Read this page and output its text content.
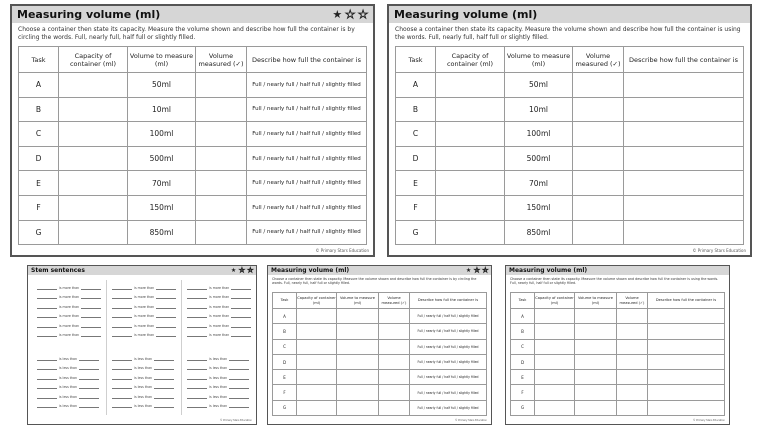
Measuring volume (ml)	★ ★ ★
Choose a container then state its capacity. Measure the volume shown and describe how full the container is by circling the words. Full, nearly full, half full or slightly filled.
Task	Capacity of container (ml)	Volume to measure (ml)	Volume measured (✓)	Describe how full the container is
A		50ml		Full / nearly full / half full / slightly filled
B		10ml		Full / nearly full / half full / slightly filled
C		100ml		Full / nearly full / half full / slightly filled
D		500ml		Full / nearly full / half full / slightly filled
E		70ml		Full / nearly full / half full / slightly filled
F		150ml		Full / nearly full / half full / slightly filled
G		850ml		Full / nearly full / half full / slightly filled
© Primary Stars Education
Measuring volume (ml)
Choose a container then state its capacity. Measure the volume shown and describe how full the container is using the words. Full, nearly full, half full or slightly filled.
Task	Capacity of container (ml)	Volume to measure (ml)	Volume measured (✓)	Describe how full the container is
A		50ml		
B		10ml		
C		100ml		
D		500ml		
E		70ml		
F		150ml		
G		850ml		
© Primary Stars Education
Stem sentences	★ ★ ★
is more than
is more than
is more than
is more than
is more than
is more than
is less than
is less than
is less than
is less than
is less than
is less than
is more than
is more than
is more than
is more than
is more than
is more than
is less than
is less than
is less than
is less than
is less than
is less than
is more than
is more than
is more than
is more than
is more than
is more than
is less than
is less than
is less than
is less than
is less than
is less than
© Primary Stars Education
Measuring volume (ml)	★ ★ ★
Choose a container then state its capacity. Measure the volume shown and describe how full the container is by circling the words. Full, nearly full, half full or slightly filled.
Task	Capacity of container (ml)	Volume to measure (ml)	Volume measured (✓)	Describe how full the container is
A				Full / nearly full / half full / slightly filled
B				Full / nearly full / half full / slightly filled
C				Full / nearly full / half full / slightly filled
D				Full / nearly full / half full / slightly filled
E				Full / nearly full / half full / slightly filled
F				Full / nearly full / half full / slightly filled
G				Full / nearly full / half full / slightly filled
© Primary Stars Education
Measuring volume (ml)
Choose a container then state its capacity. Measure the volume shown and describe how full the container is using the words. Full, nearly full, half full or slightly filled.
Task	Capacity of container (ml)	Volume to measure (ml)	Volume measured (✓)	Describe how full the container is
A				
B				
C				
D				
E				
F				
G				
© Primary Stars Education
